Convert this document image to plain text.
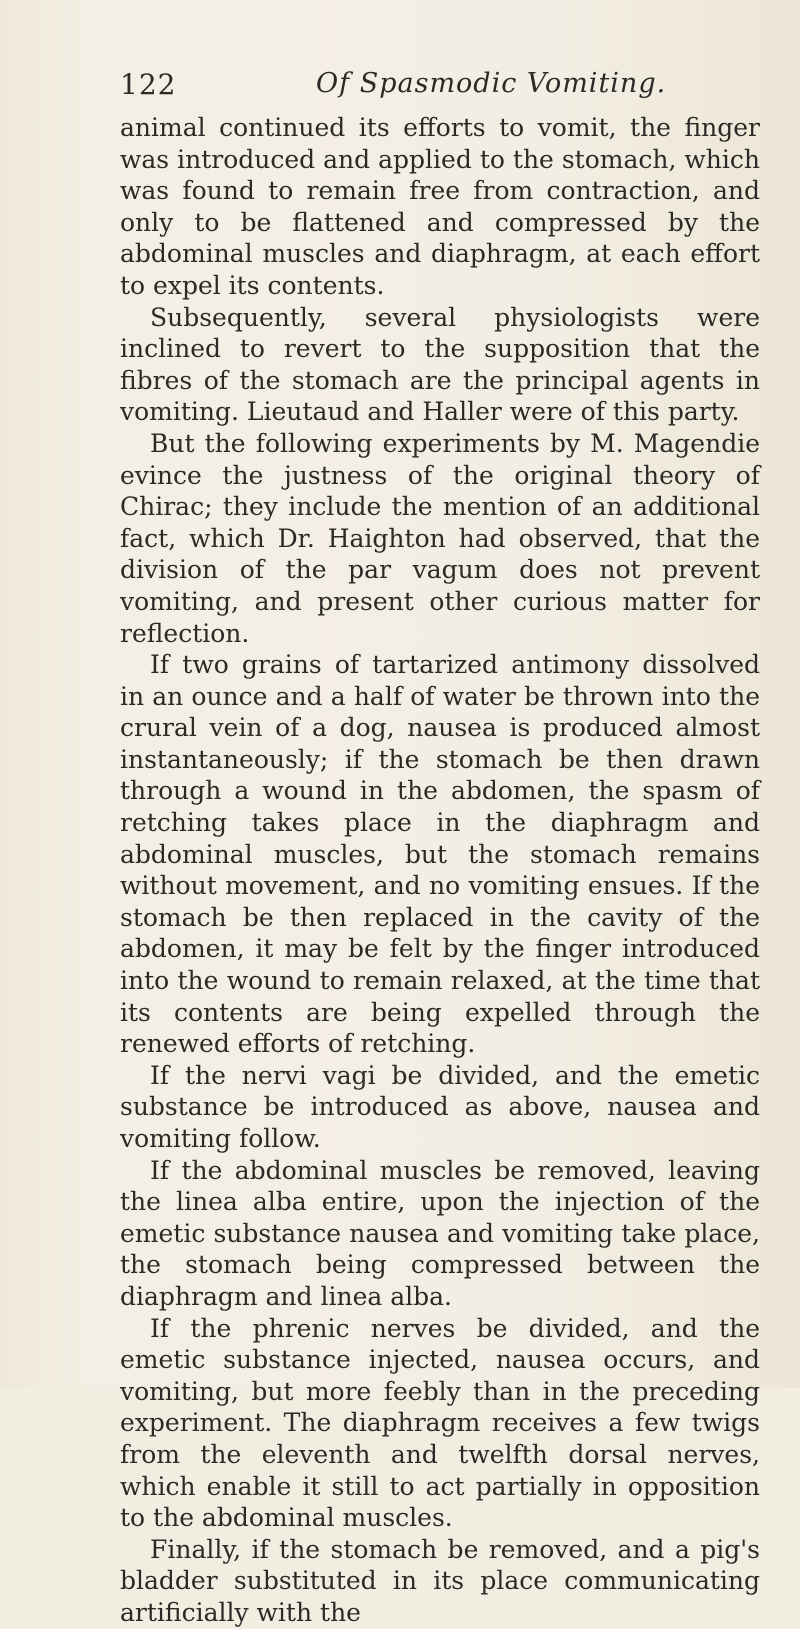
122	Of Spasmodic Vomiting.

animal continued its efforts to vomit, the finger was introduced and applied to the stomach, which was found to remain free from contraction, and only to be flattened and compressed by the abdominal muscles and diaphragm, at each effort to expel its contents.

Subsequently, several physiologists were inclined to revert to the supposition that the fibres of the stomach are the principal agents in vomiting. Lieutaud and Haller were of this party.

But the following experiments by M. Magendie evince the justness of the original theory of Chirac; they include the mention of an additional fact, which Dr. Haighton had observed, that the division of the par vagum does not prevent vomiting, and present other curious matter for reflection.

If two grains of tartarized antimony dissolved in an ounce and a half of water be thrown into the crural vein of a dog, nausea is produced almost instantaneously; if the stomach be then drawn through a wound in the abdomen, the spasm of retching takes place in the diaphragm and abdominal muscles, but the stomach remains without movement, and no vomiting ensues. If the stomach be then replaced in the cavity of the abdomen, it may be felt by the finger introduced into the wound to remain relaxed, at the time that its contents are being expelled through the renewed efforts of retching.

If the nervi vagi be divided, and the emetic substance be introduced as above, nausea and vomiting follow.

If the abdominal muscles be removed, leaving the linea alba entire, upon the injection of the emetic substance nausea and vomiting take place, the stomach being compressed between the diaphragm and linea alba.

If the phrenic nerves be divided, and the emetic substance injected, nausea occurs, and vomiting, but more feebly than in the preceding experiment. The diaphragm receives a few twigs from the eleventh and twelfth dorsal nerves, which enable it still to act partially in opposition to the abdominal muscles.

Finally, if the stomach be removed, and a pig's bladder substituted in its place communicating artificially with the
